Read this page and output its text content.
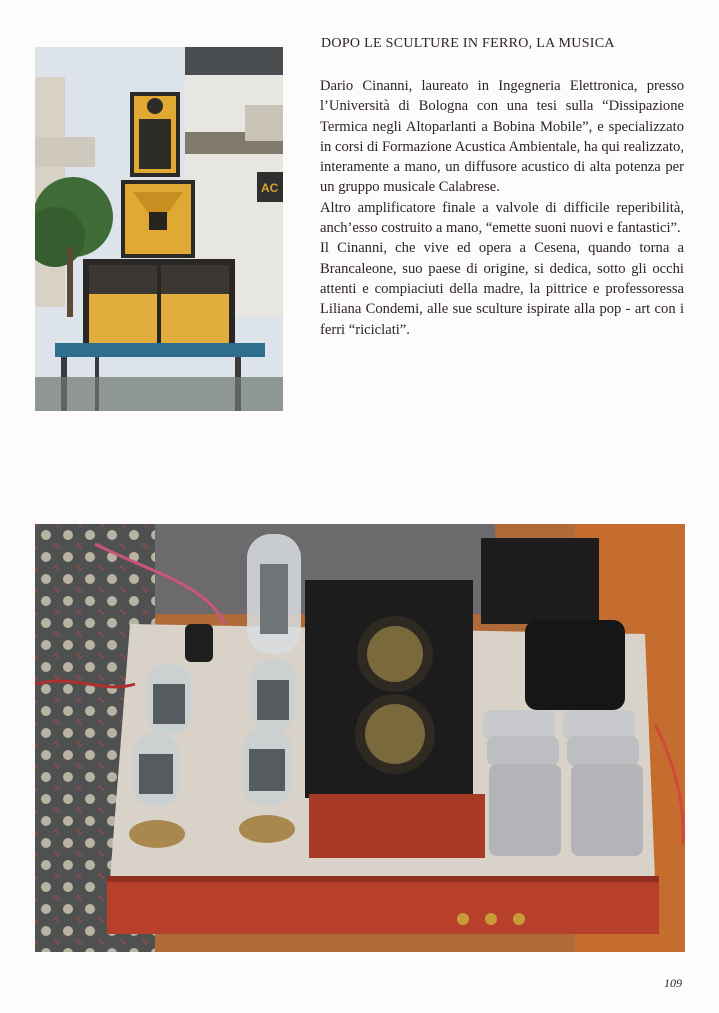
AC
DOPO LE SCULTURE IN FERRO, LA MUSICA

Dario Cinanni, laureato in Ingegneria Elettronica, presso l’Università di Bologna con una tesi sulla “Dissipazione Termica negli Altoparlanti a Bobina Mobile”, e specializzato in corsi di Formazione Acustica Ambientale, ha qui realizzato, interamente a mano, un diffusore acustico di alta potenza per un gruppo musicale Calabrese.

Altro amplificatore finale a valvole di difficile reperibilità, anch’esso costruito a mano, “emette suoni nuovi e fantastici”.

Il Cinanni, che vive ed opera a Cesena, quando torna a Brancaleone, suo paese di origine, si dedica, sotto gli occhi attenti e compiaciuti della madre, la pittrice e professoressa Liliana Condemi, alle sue sculture ispirate alla pop - art con i ferri “riciclati”.

109
